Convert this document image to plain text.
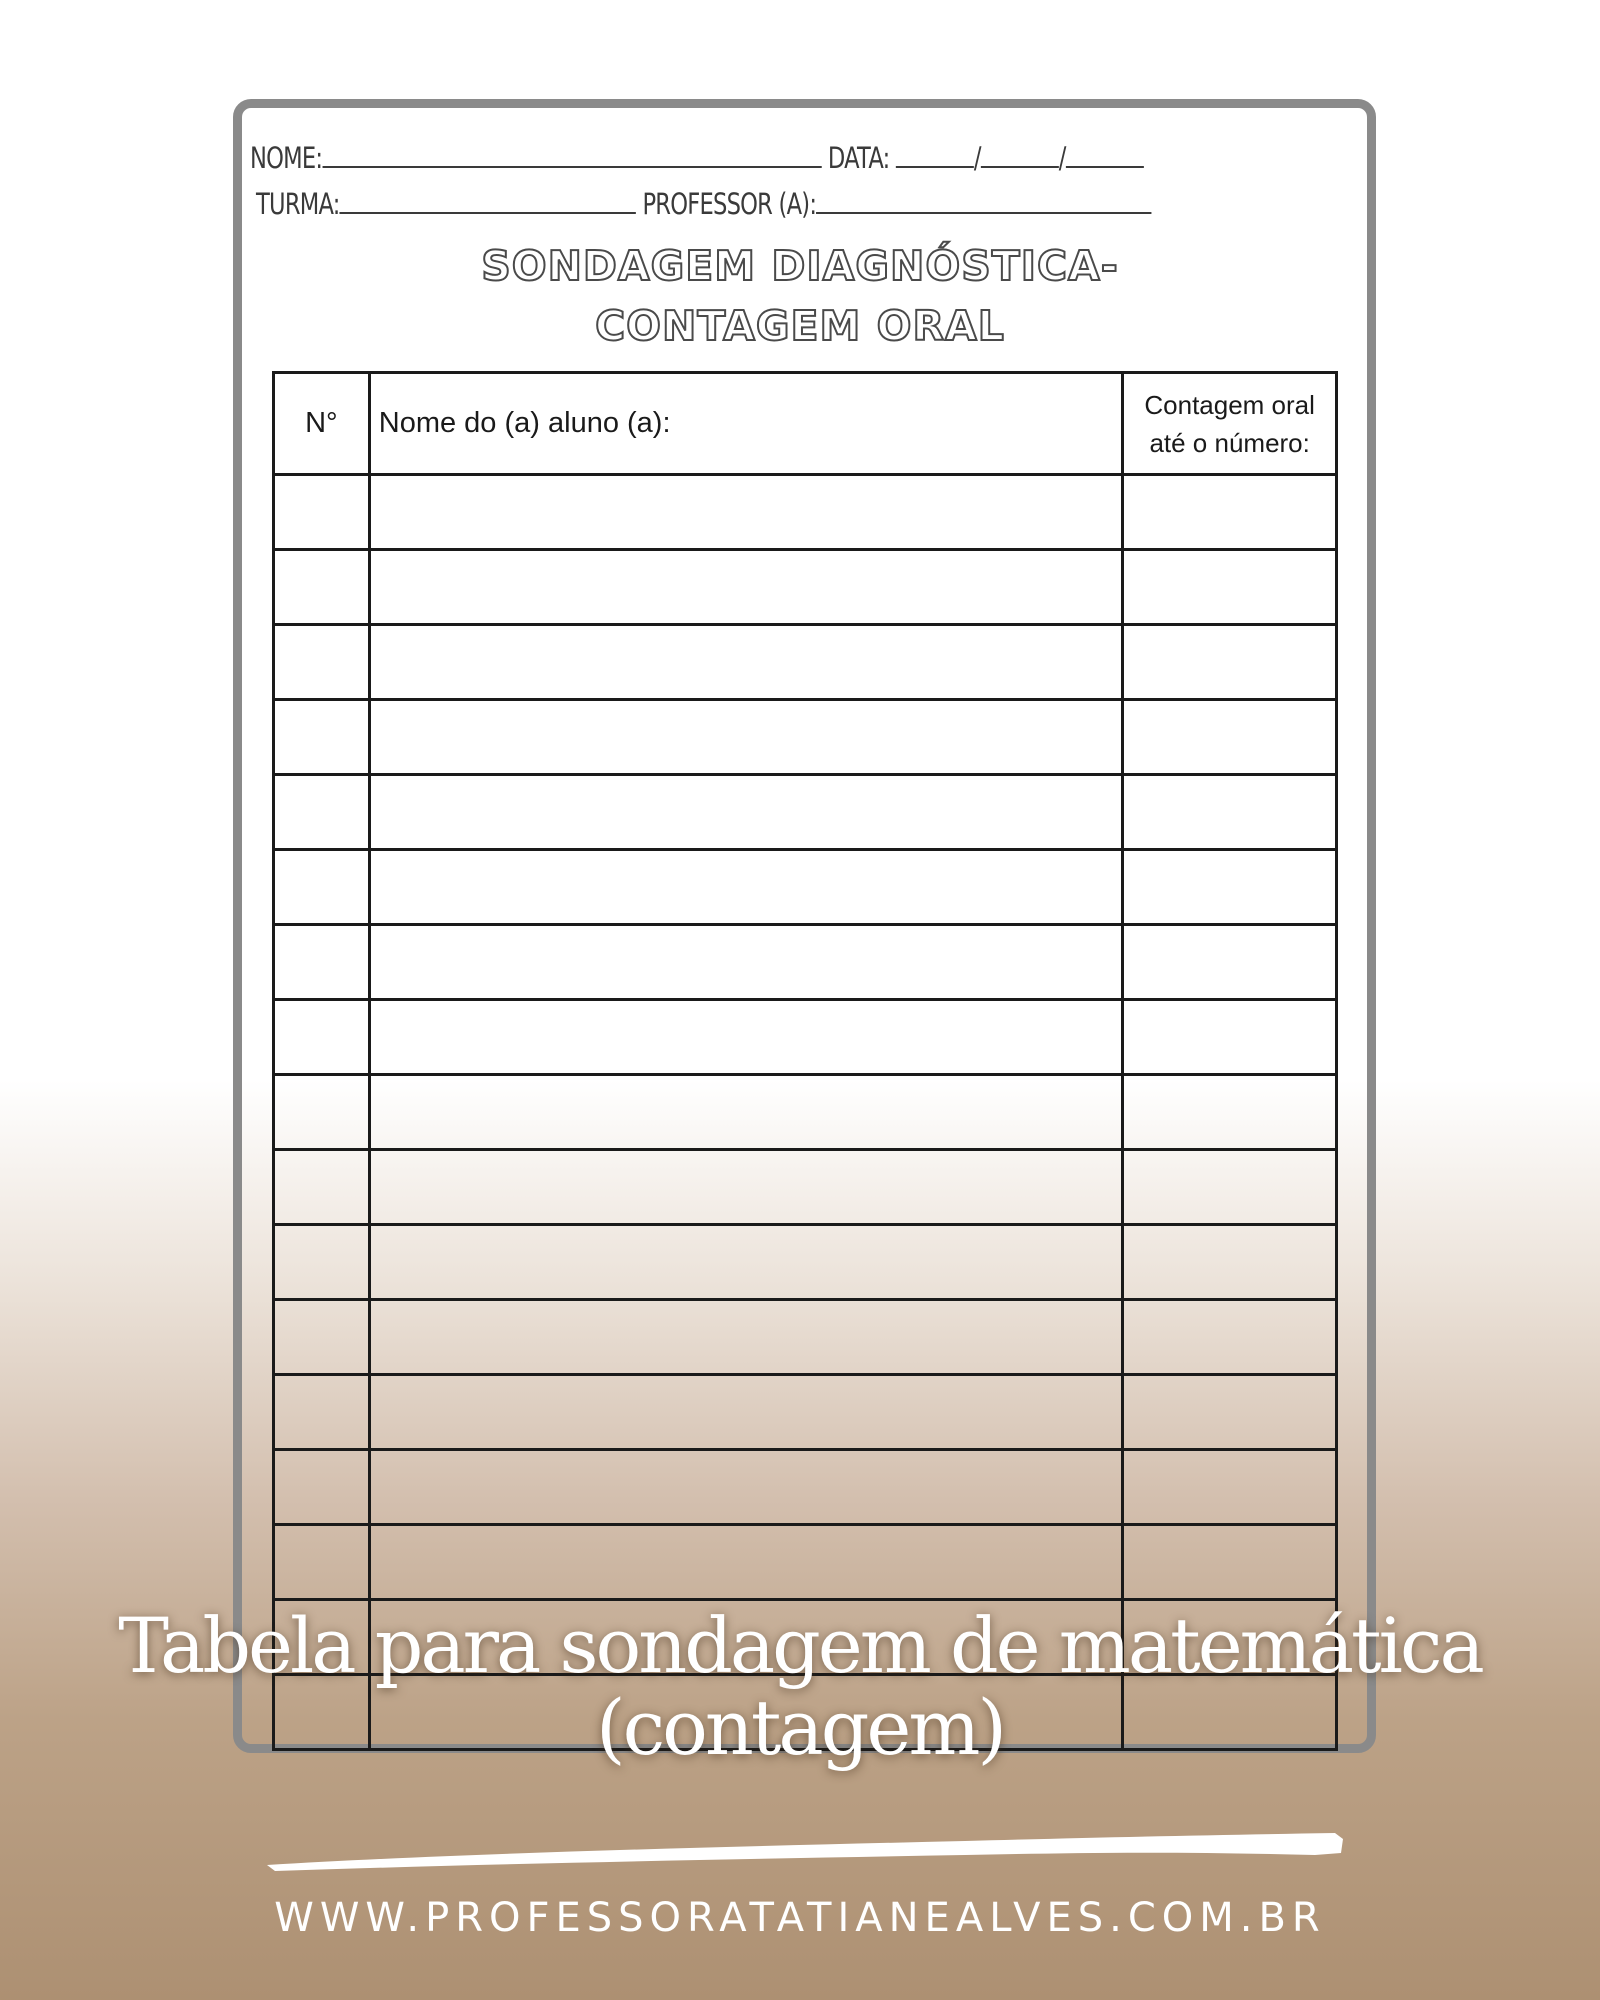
NOME:	DATA:	/	/
TURMA:	PROFESSOR (A):
SONDAGEM DIAGNÓSTICA-
CONTAGEM ORAL
N°	Nome do (a) aluno (a):	Contagem oral
até o número:

Tabela para sondagem de matemática
(contagem)
WWW.PROFESSORATATIANEALVES.COM.BR
